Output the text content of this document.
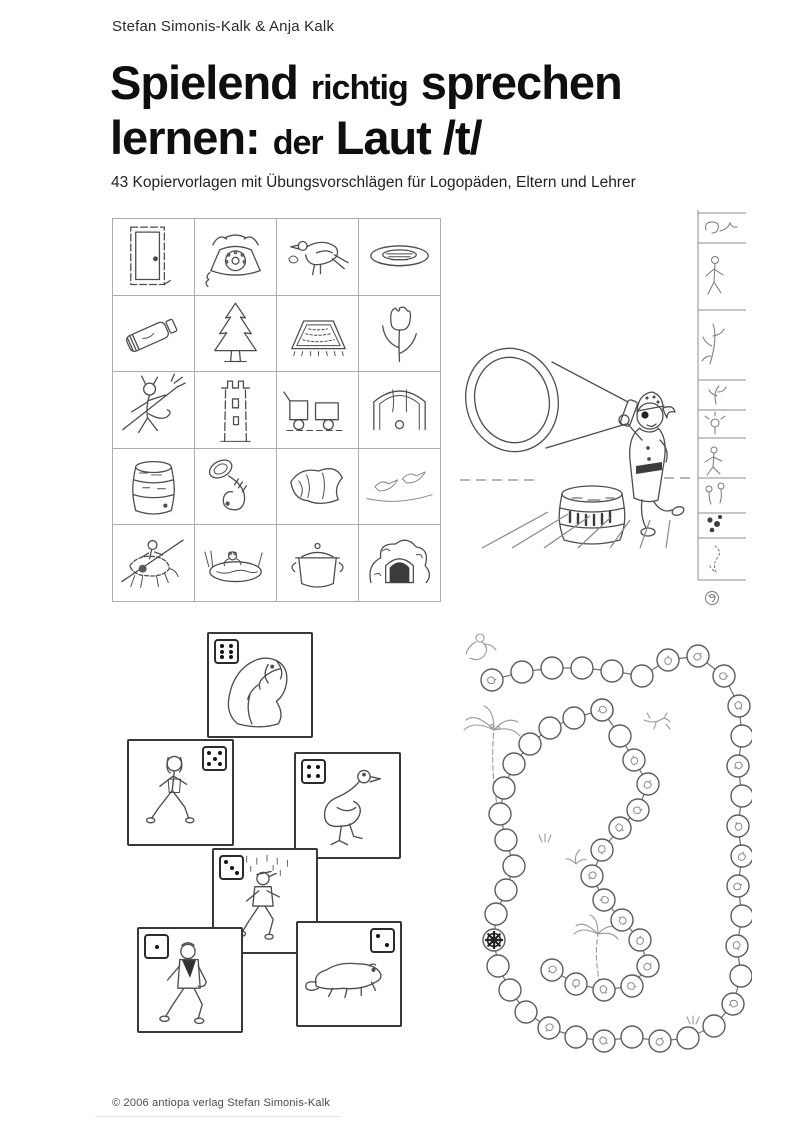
Stefan Simonis-Kalk & Anja Kalk
Spielend richtig sprechen
lernen: der Laut /t/
43 Kopiervorlagen mit Übungsvorschlägen für Logopäden, Eltern und Lehrer
© 2006 antiopa verlag Stefan Simonis-Kalk
